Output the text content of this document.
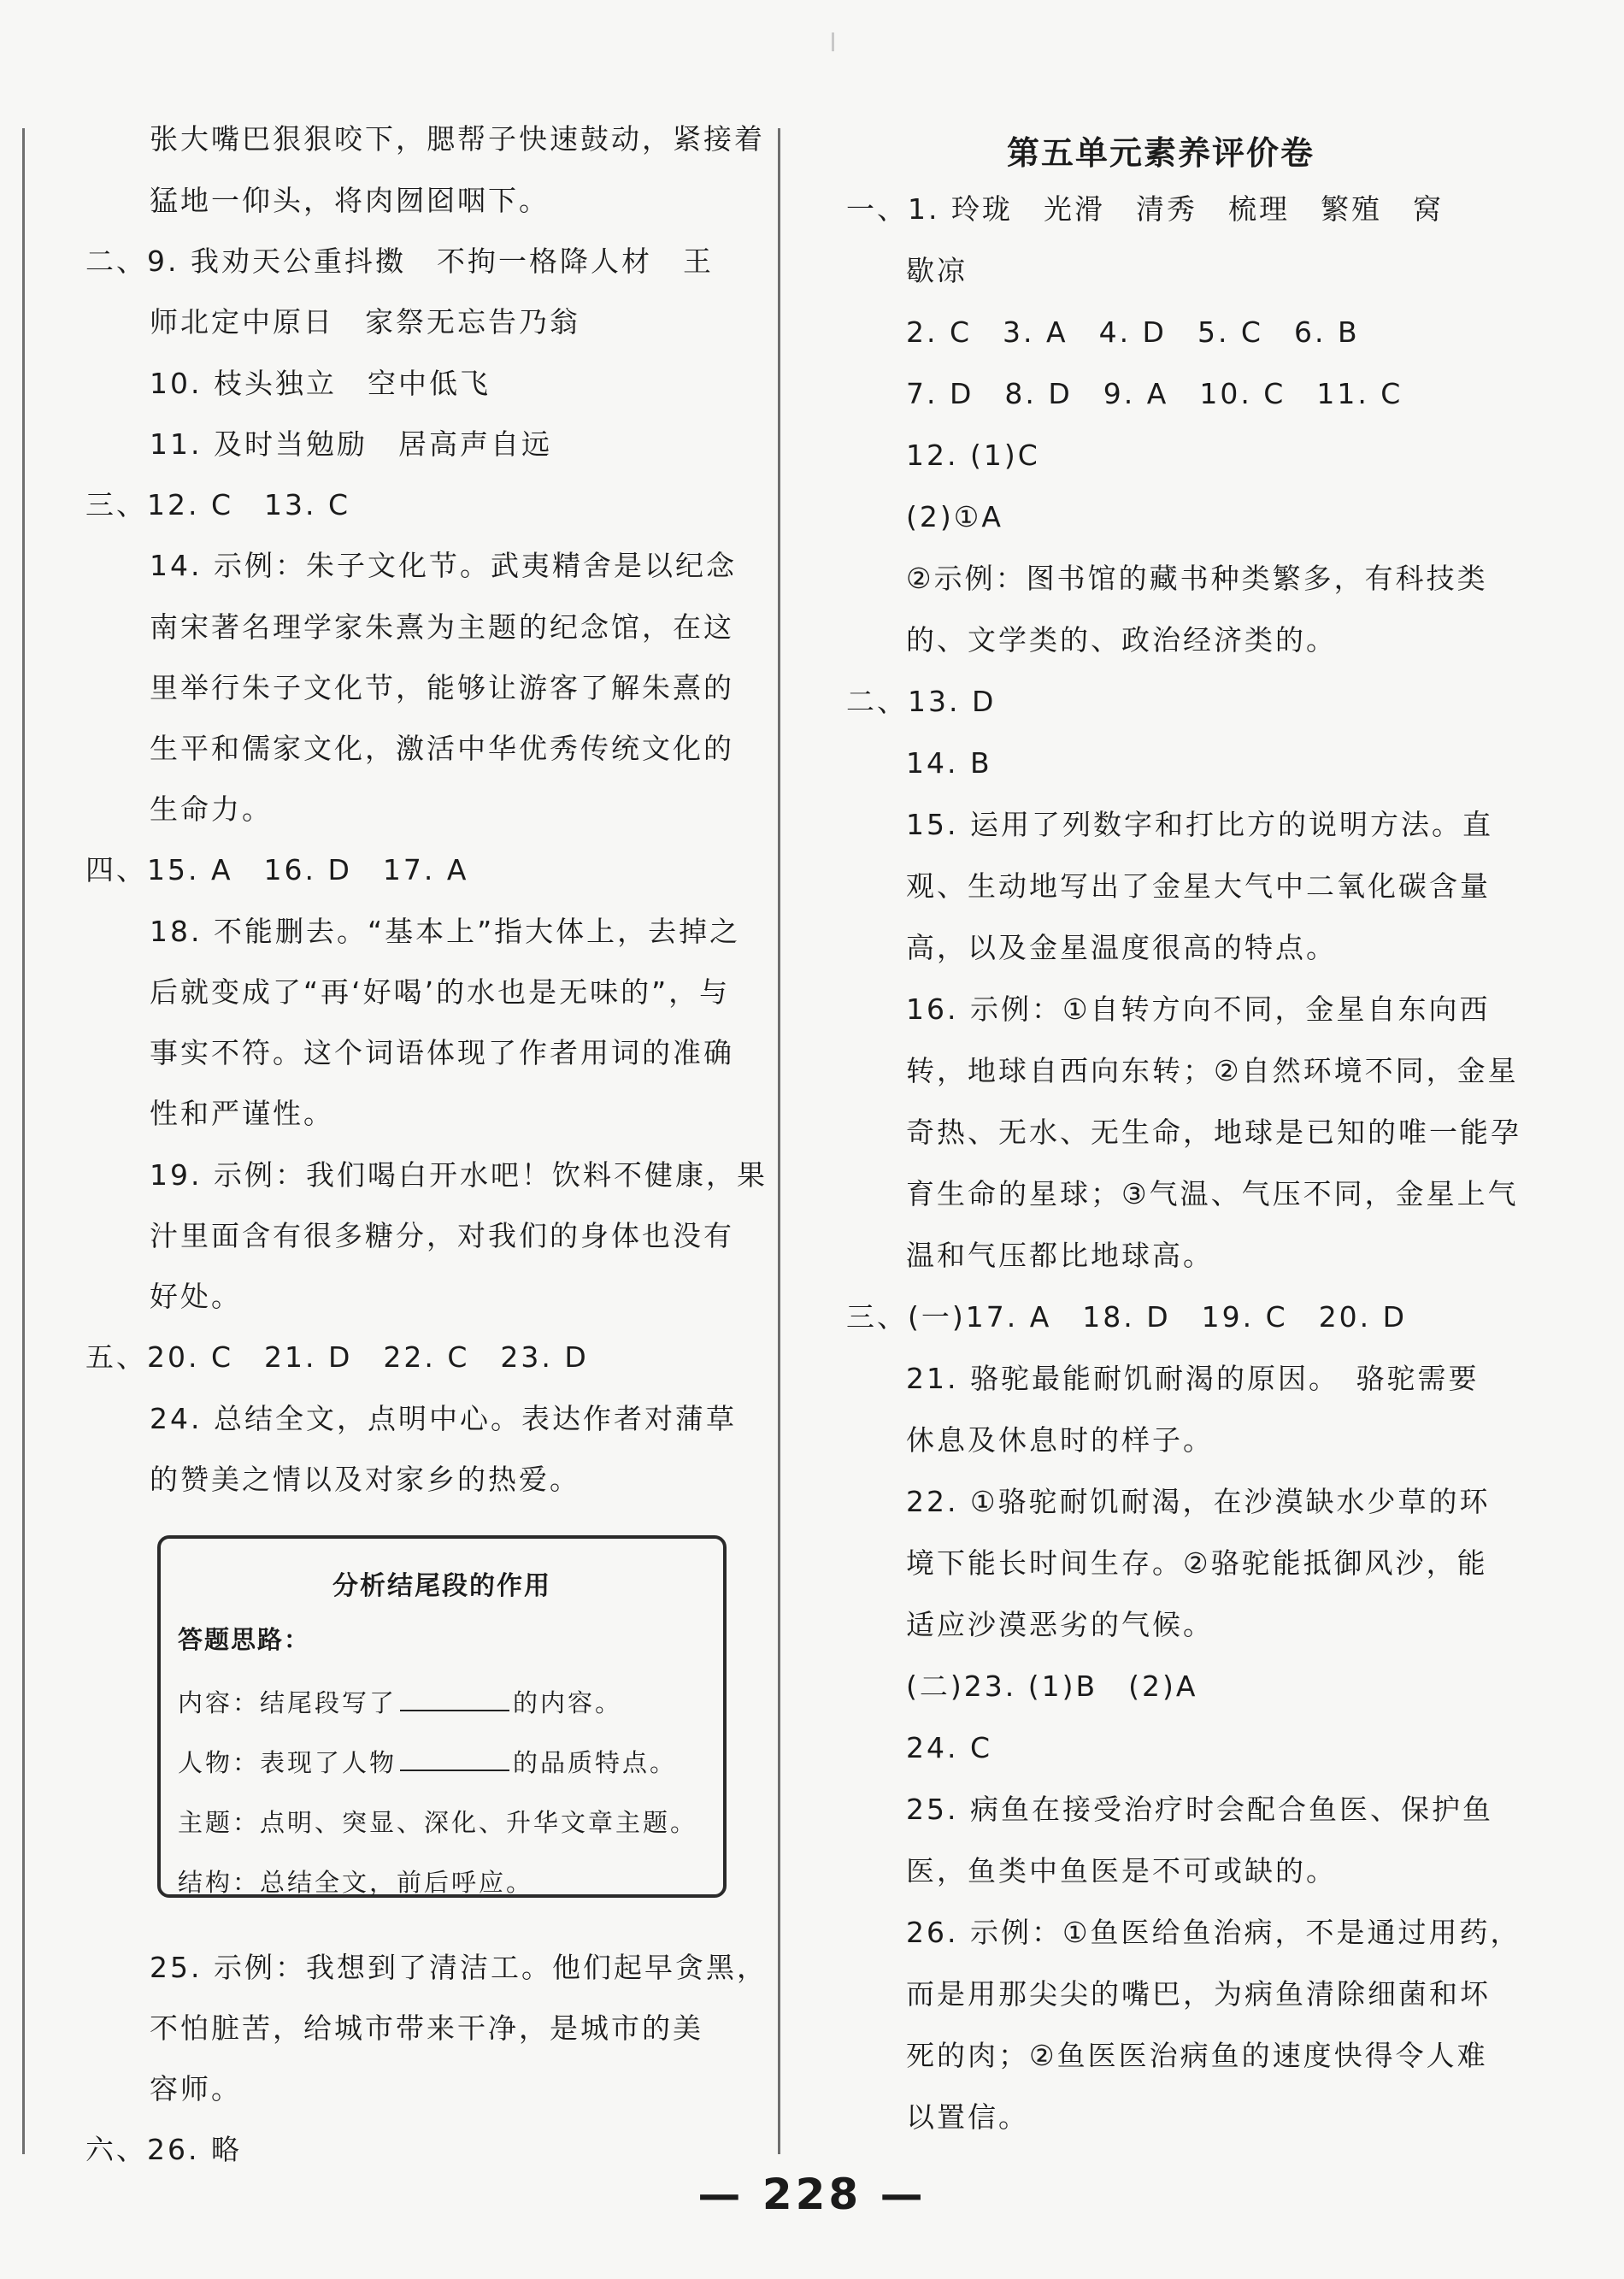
张大嘴巴狠狠咬下，腮帮子快速鼓动，紧接着
猛地一仰头，将肉囫囵咽下。
二、9. 我劝天公重抖擞　不拘一格降人材　王
师北定中原日　家祭无忘告乃翁
10. 枝头独立　空中低飞
11. 及时当勉励　居高声自远
三、12. C　13. C
14. 示例：朱子文化节。武夷精舍是以纪念
南宋著名理学家朱熹为主题的纪念馆，在这
里举行朱子文化节，能够让游客了解朱熹的
生平和儒家文化，激活中华优秀传统文化的
生命力。
四、15. A　16. D　17. A
18. 不能删去。“基本上”指大体上，去掉之
后就变成了“再‘好喝’的水也是无味的”，与
事实不符。这个词语体现了作者用词的准确
性和严谨性。
19. 示例：我们喝白开水吧！饮料不健康，果
汁里面含有很多糖分，对我们的身体也没有
好处。
五、20. C　21. D　22. C　23. D
24. 总结全文，点明中心。表达作者对蒲草
的赞美之情以及对家乡的热爱。
25. 示例：我想到了清洁工。他们起早贪黑，
不怕脏苦，给城市带来干净，是城市的美
容师。
六、26. 略
分析结尾段的作用
答题思路：
内容：结尾段写了	的内容。
人物：表现了人物	的品质特点。
主题：点明、突显、深化、升华文章主题。
结构：总结全文，前后呼应。
第五单元素养评价卷
一、1. 玲珑　光滑　清秀　梳理　繁殖　窝
歇凉
2. C　3. A　4. D　5. C　6. B
7. D　8. D　9. A　10. C　11. C
12. (1)C
(2)①A
②示例：图书馆的藏书种类繁多，有科技类
的、文学类的、政治经济类的。
二、13. D
14. B
15. 运用了列数字和打比方的说明方法。直
观、生动地写出了金星大气中二氧化碳含量
高，以及金星温度很高的特点。
16. 示例：①自转方向不同，金星自东向西
转，地球自西向东转；②自然环境不同，金星
奇热、无水、无生命，地球是已知的唯一能孕
育生命的星球；③气温、气压不同，金星上气
温和气压都比地球高。
三、(一)17. A　18. D　19. C　20. D
21. 骆驼最能耐饥耐渴的原因。　骆驼需要
休息及休息时的样子。
22. ①骆驼耐饥耐渴，在沙漠缺水少草的环
境下能长时间生存。②骆驼能抵御风沙，能
适应沙漠恶劣的气候。
(二)23. (1)B　(2)A
24. C
25. 病鱼在接受治疗时会配合鱼医、保护鱼
医，鱼类中鱼医是不可或缺的。
26. 示例：①鱼医给鱼治病，不是通过用药，
而是用那尖尖的嘴巴，为病鱼清除细菌和坏
死的肉；②鱼医医治病鱼的速度快得令人难
以置信。
— 228 —
